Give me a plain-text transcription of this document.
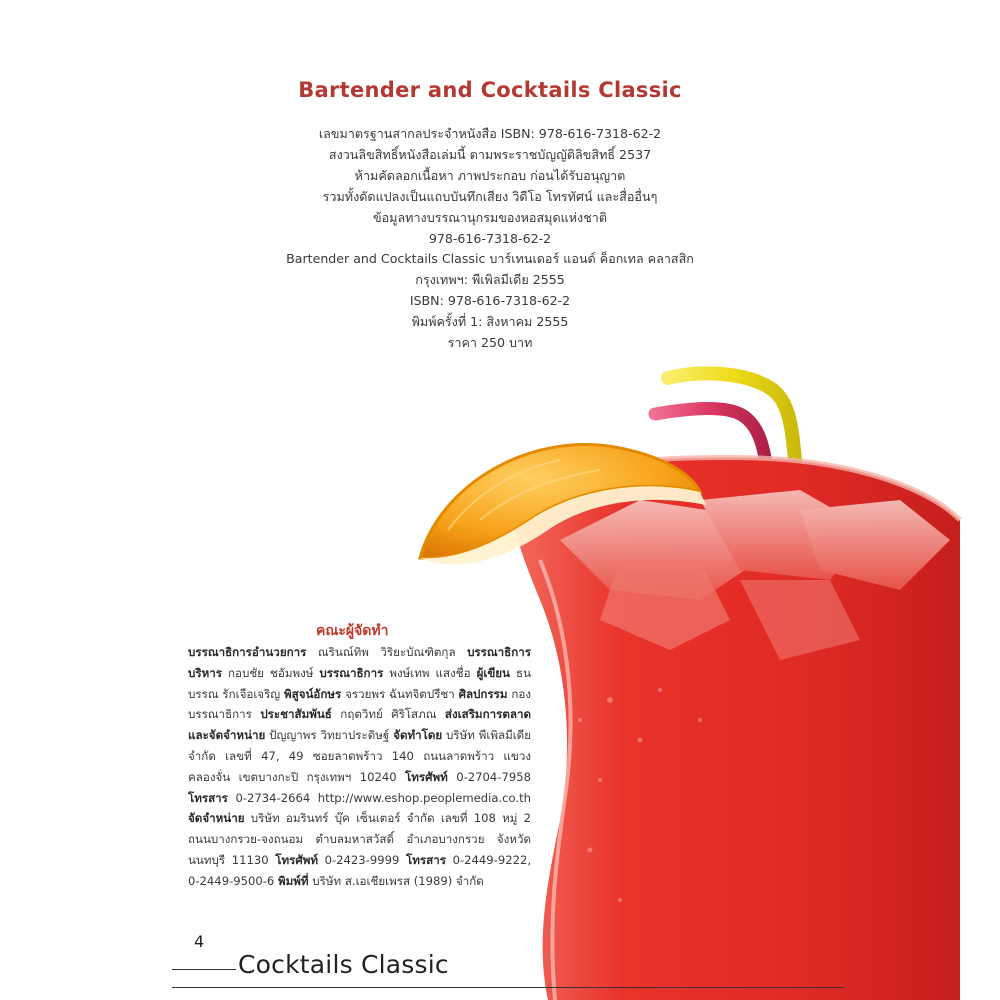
Bartender and Cocktails Classic
เลขมาตรฐานสากลประจำหนังสือ ISBN: 978-616-7318-62-2
สงวนลิขสิทธิ์หนังสือเล่มนี้ ตามพระราชบัญญัติลิขสิทธิ์ 2537
ห้ามคัดลอกเนื้อหา ภาพประกอบ ก่อนได้รับอนุญาต
รวมทั้งดัดแปลงเป็นแถบบันทึกเสียง วิดีโอ โทรทัศน์ และสื่ออื่นๆ
ข้อมูลทางบรรณานุกรมของหอสมุดแห่งชาติ
978-616-7318-62-2
Bartender and Cocktails Classic บาร์เทนเดอร์ แอนด์ ค็อกเทล คลาสสิก
กรุงเทพฯ: พีเพิลมีเดีย 2555
ISBN: 978-616-7318-62-2
พิมพ์ครั้งที่ 1: สิงหาคม 2555
ราคา 250 บาท
คณะผู้จัดทำ
บรรณาธิการอำนวยการ ณรินณ์ทิพ วิริยะบัณฑิตกุล บรรณาธิการบริหาร กอบชัย ชอัมพงษ์ บรรณาธิการ พงษ์เทพ แสงชื่อ ผู้เขียน ธนบรรณ รักเจือเจริญ พิสูจน์อักษร จรวยพร ฉันทจิตปรีชา ศิลปกรรม กองบรรณาธิการ ประชาสัมพันธ์ กฤตวิทย์ ศิริโสภณ ส่งเสริมการตลาดและจัดจำหน่าย ปัญญาพร วิทยาประดิษฐ์ จัดทำโดย บริษัท พีเพิลมีเดีย จำกัด เลขที่ 47, 49 ซอยลาดพร้าว 140 ถนนลาดพร้าว แขวงคลองจั่น เขตบางกะปิ กรุงเทพฯ 10240 โทรศัพท์ 0-2704-7958 โทรสาร 0-2734-2664 http://www.eshop.peoplemedia.co.th จัดจำหน่าย บริษัท อมรินทร์ บุ๊ค เซ็นเตอร์ จำกัด เลขที่ 108 หมู่ 2 ถนนบางกรวย-จงถนอม ตำบลมหาสวัสดิ์ อำเภอบางกรวย จังหวัดนนทบุรี 11130 โทรศัพท์ 0-2423-9999 โทรสาร 0-2449-9222, 0-2449-9500-6 พิมพ์ที่ บริษัท ส.เอเชียเพรส (1989) จำกัด
4
Cocktails Classic
